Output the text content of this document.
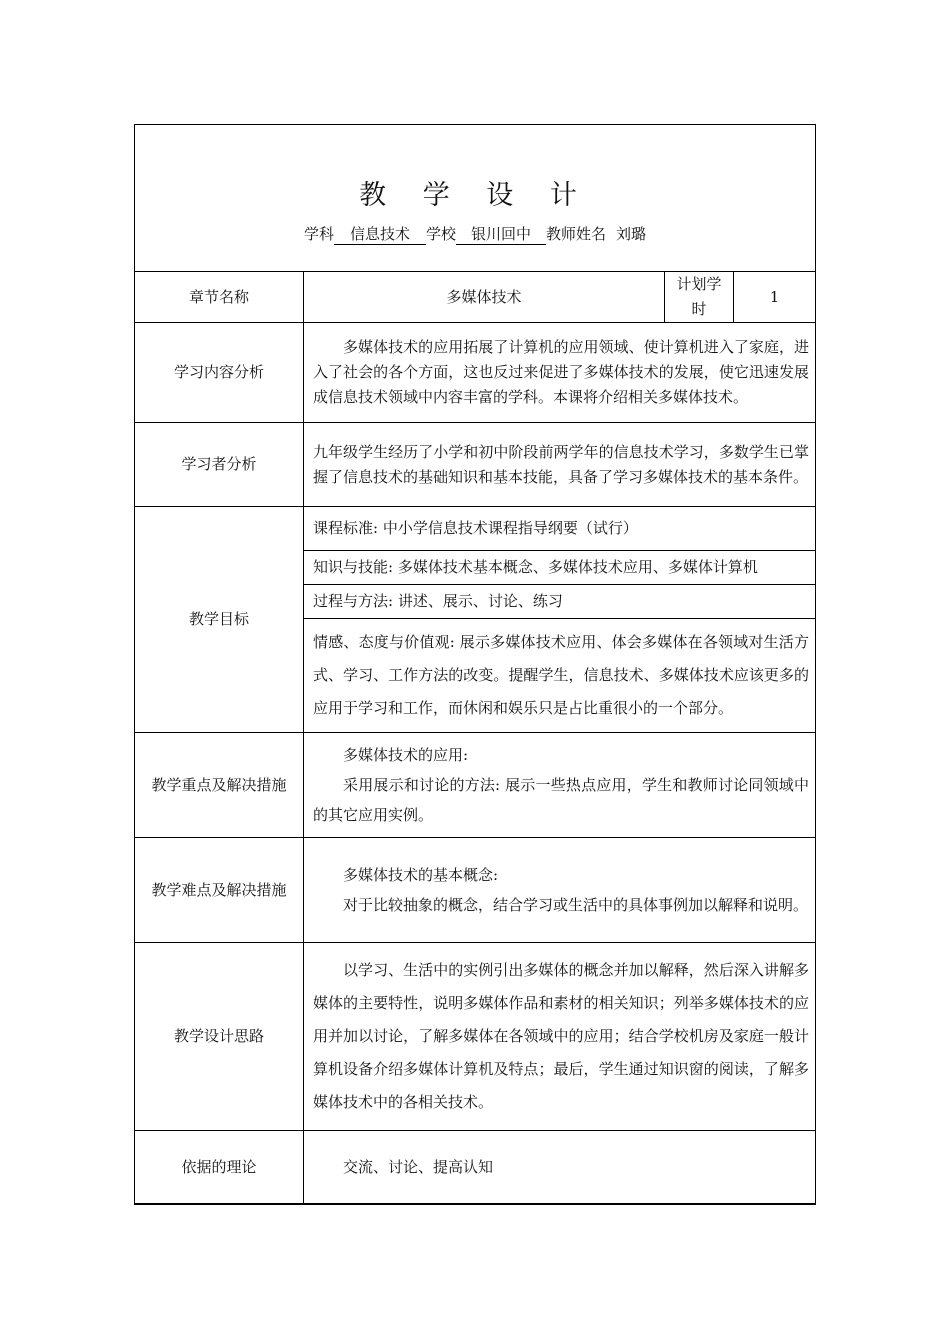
教 学 设 计
学科 信息技术 学校 银川回中 教师姓名 刘璐
章节名称	多媒体技术	计划学时	1
学习内容分析	多媒体技术的应用拓展了计算机的应用领域、使计算机进入了家庭，进入了社会的各个方面，这也反过来促进了多媒体技术的发展，使它迅速发展成信息技术领域中内容丰富的学科。本课将介绍相关多媒体技术。		
学习者分析	九年级学生经历了小学和初中阶段前两学年的信息技术学习，多数学生已掌握了信息技术的基础知识和基本技能，具备了学习多媒体技术的基本条件。		
教学目标	课程标准: 中小学信息技术课程指导纲要（试行）		
	知识与技能: 多媒体技术基本概念、多媒体技术应用、多媒体计算机		
	过程与方法: 讲述、展示、讨论、练习		
	情感、态度与价值观: 展示多媒体技术应用、体会多媒体在各领域对生活方式、学习、工作方法的改变。提醒学生，信息技术、多媒体技术应该更多的应用于学习和工作，而休闲和娱乐只是占比重很小的一个部分。		
教学重点及解决措施	多媒体技术的应用:
采用展示和讨论的方法: 展示一些热点应用，学生和教师讨论同领域中的其它应用实例。		

教学难点及解决措施	多媒体技术的基本概念:
对于比较抽象的概念，结合学习或生活中的具体事例加以解释和说明。		

教学设计思路	以学习、生活中的实例引出多媒体的概念并加以解释，然后深入讲解多媒体的主要特性，说明多媒体作品和素材的相关知识；列举多媒体技术的应用并加以讨论，了解多媒体在各领域中的应用；结合学校机房及家庭一般计算机设备介绍多媒体计算机及特点；最后，学生通过知识窗的阅读，了解多媒体技术中的各相关技术。		
依据的理论	交流、讨论、提高认知		
